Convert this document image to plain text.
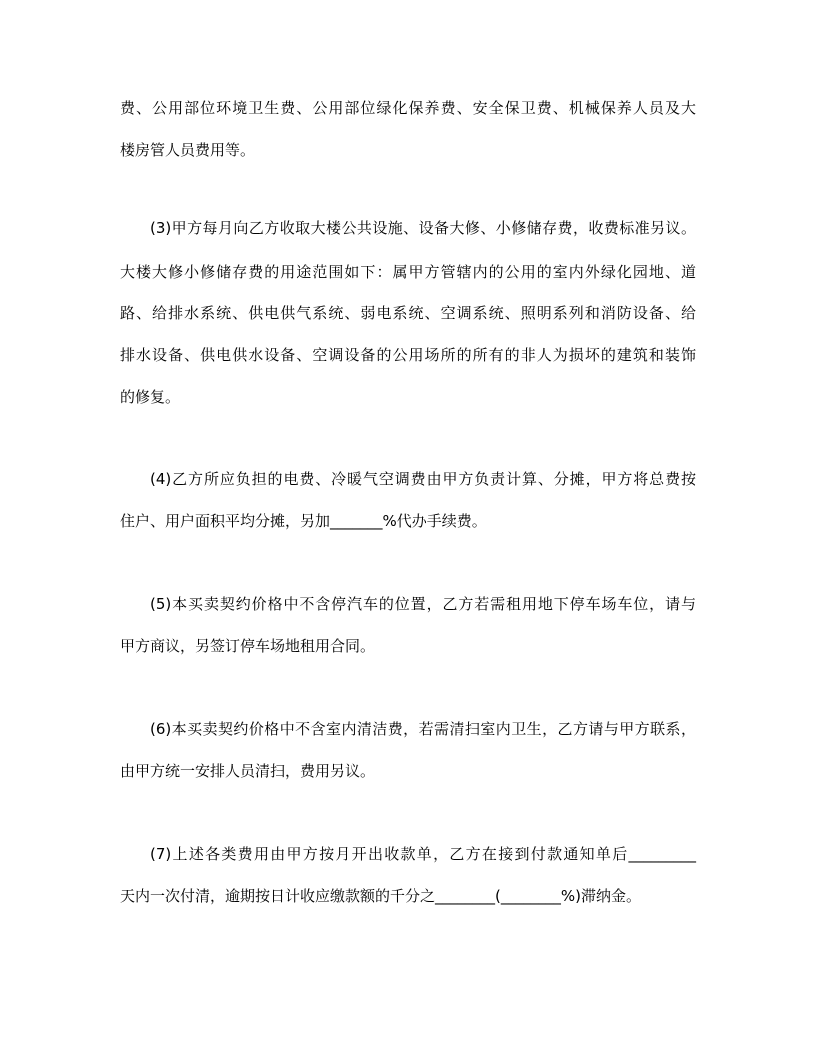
费、公用部位环境卫生费、公用部位绿化保养费、安全保卫费、机械保养人员及大
楼房管人员费用等。
(3)甲方每月向乙方收取大楼公共设施、设备大修、小修储存费，收费标准另议。
大楼大修小修储存费的用途范围如下：属甲方管辖内的公用的室内外绿化园地、道
路、给排水系统、供电供气系统、弱电系统、空调系统、照明系列和消防设备、给
排水设备、供电供水设备、空调设备的公用场所的所有的非人为损坏的建筑和装饰
的修复。
(4)乙方所应负担的电费、冷暖气空调费由甲方负责计算、分摊，甲方将总费按
住户、用户面积平均分摊，另加_______%代办手续费。
(5)本买卖契约价格中不含停汽车的位置，乙方若需租用地下停车场车位，请与
甲方商议，另签订停车场地租用合同。
(6)本买卖契约价格中不含室内清洁费，若需清扫室内卫生，乙方请与甲方联系，
由甲方统一安排人员清扫，费用另议。
(7)上述各类费用由甲方按月开出收款单，乙方在接到付款通知单后_________
天内一次付清，逾期按日计收应缴款额的千分之________(________%)滞纳金。
